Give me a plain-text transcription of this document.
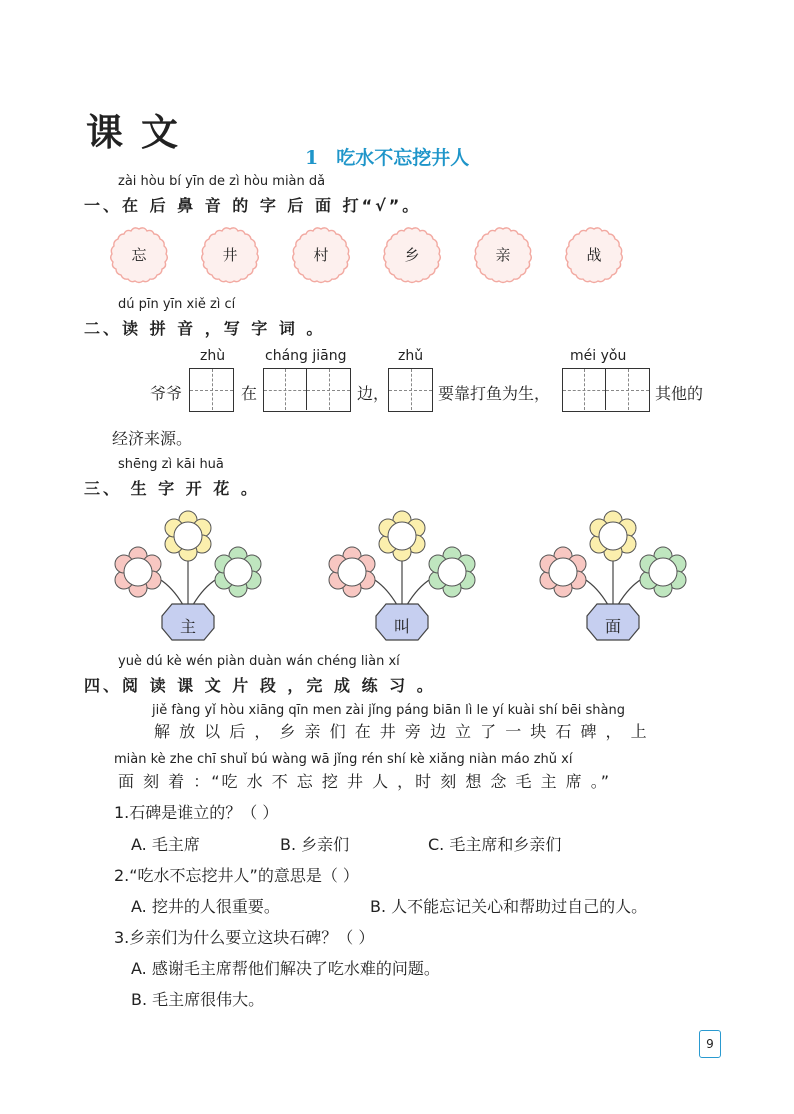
课文
1 吃水不忘挖井人
zài hòu bí yīn de zì hòu miàn dǎ
一、在 后 鼻 音 的 字 后 面 打“√”。
忘	井	村	乡	亲	战
dú pīn yīn xiě zì cí
二、读 拼 音 ，写 字 词 。
zhù	cháng jiāng	zhǔ	méi yǒu
爷爷	在	边，	要靠打鱼为生，	其他的
经济来源。
shēng zì kāi huā
三、 生 字 开 花 。
主	叫	面
yuè dú kè wén piàn duàn wán chéng liàn xí
四、阅 读 课 文 片 段 ，完 成 练 习 。
jiě fàng yǐ hòu xiāng qīn men zài jǐng páng biān lì le yí kuài shí bēi shàng
解 放 以 后 ， 乡 亲 们 在 井 旁 边 立 了 一 块 石 碑 ， 上
miàn kè zhe chī shuǐ bú wàng wā jǐng rén shí kè xiǎng niàn máo zhǔ xí
面 刻 着 ：“吃 水 不 忘 挖 井 人 ，时 刻 想 念 毛 主 席 。”
1.石碑是谁立的？（ ）
A. 毛主席	B. 乡亲们	C. 毛主席和乡亲们
2.“吃水不忘挖井人”的意思是（ ）
A. 挖井的人很重要。	B. 人不能忘记关心和帮助过自己的人。
3.乡亲们为什么要立这块石碑？（ ）
A. 感谢毛主席帮他们解决了吃水难的问题。
B. 毛主席很伟大。
9
